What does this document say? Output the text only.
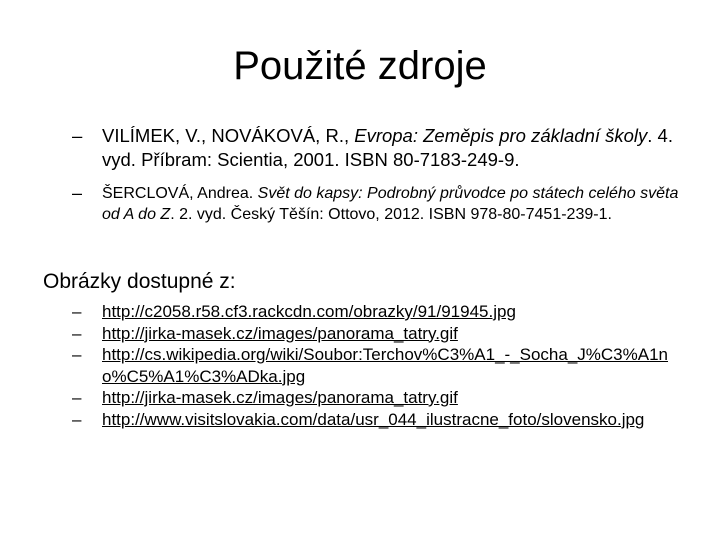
Použité zdroje
– VILÍMEK, V., NOVÁKOVÁ, R., Evropa: Zeměpis pro základní školy. 4. vyd. Příbram: Scientia, 2001. ISBN 80-7183-249-9.
– ŠERCLOVÁ, Andrea. Svět do kapsy: Podrobný průvodce po státech celého světa od A do Z. 2. vyd. Český Těšín: Ottovo, 2012. ISBN 978-80-7451-239-1.
Obrázky dostupné z:
– http://c2058.r58.cf3.rackcdn.com/obrazky/91/91945.jpg
– http://jirka-masek.cz/images/panorama_tatry.gif
– http://cs.wikipedia.org/wiki/Soubor:Terchov%C3%A1_-_Socha_J%C3%A1no%C5%A1%C3%ADka.jpg
– http://jirka-masek.cz/images/panorama_tatry.gif
– http://www.visitslovakia.com/data/usr_044_ilustracne_foto/slovensko.jpg
